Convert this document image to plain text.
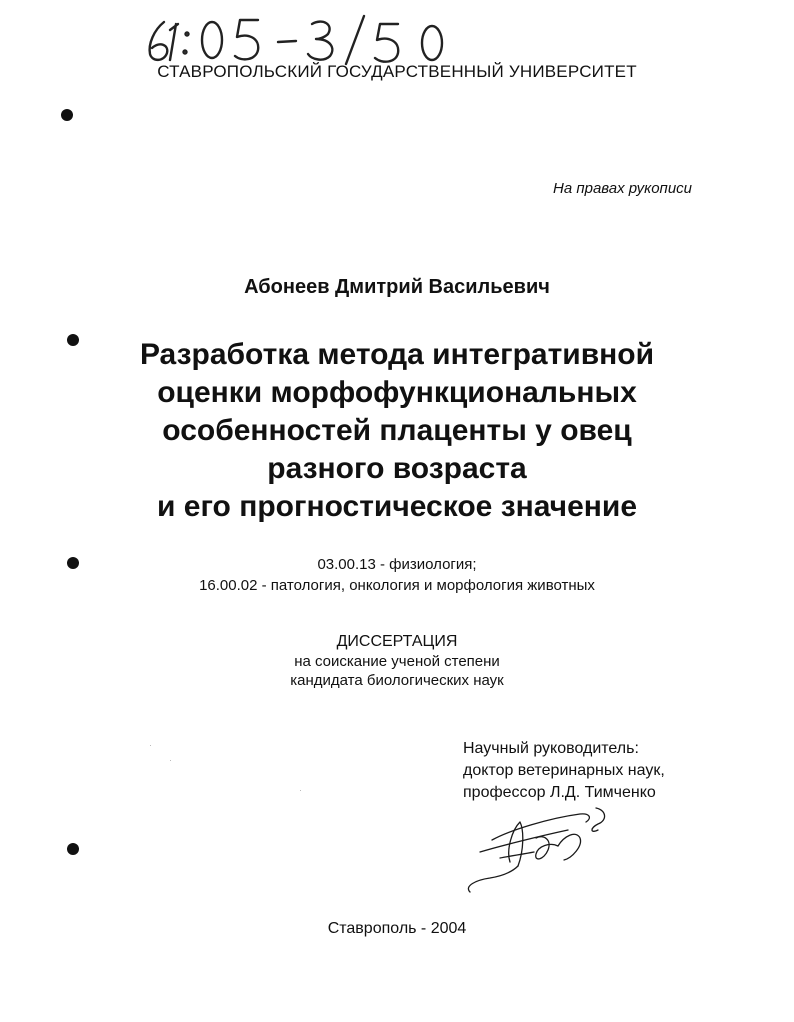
СТАВРОПОЛЬСКИЙ ГОСУДАРСТВЕННЫЙ УНИВЕРСИТЕТ
На правах рукописи
Абонеев Дмитрий Васильевич
Разработка метода интегративной
оценки морфофункциональных
особенностей плаценты у овец
разного возраста
и его прогностическое значение
03.00.13 - физиология;
16.00.02 - патология, онкология и морфология животных
ДИССЕРТАЦИЯ
на соискание ученой степени
кандидата биологических наук
Научный руководитель:
доктор ветеринарных наук,
профессор Л.Д. Тимченко
Ставрополь - 2004
